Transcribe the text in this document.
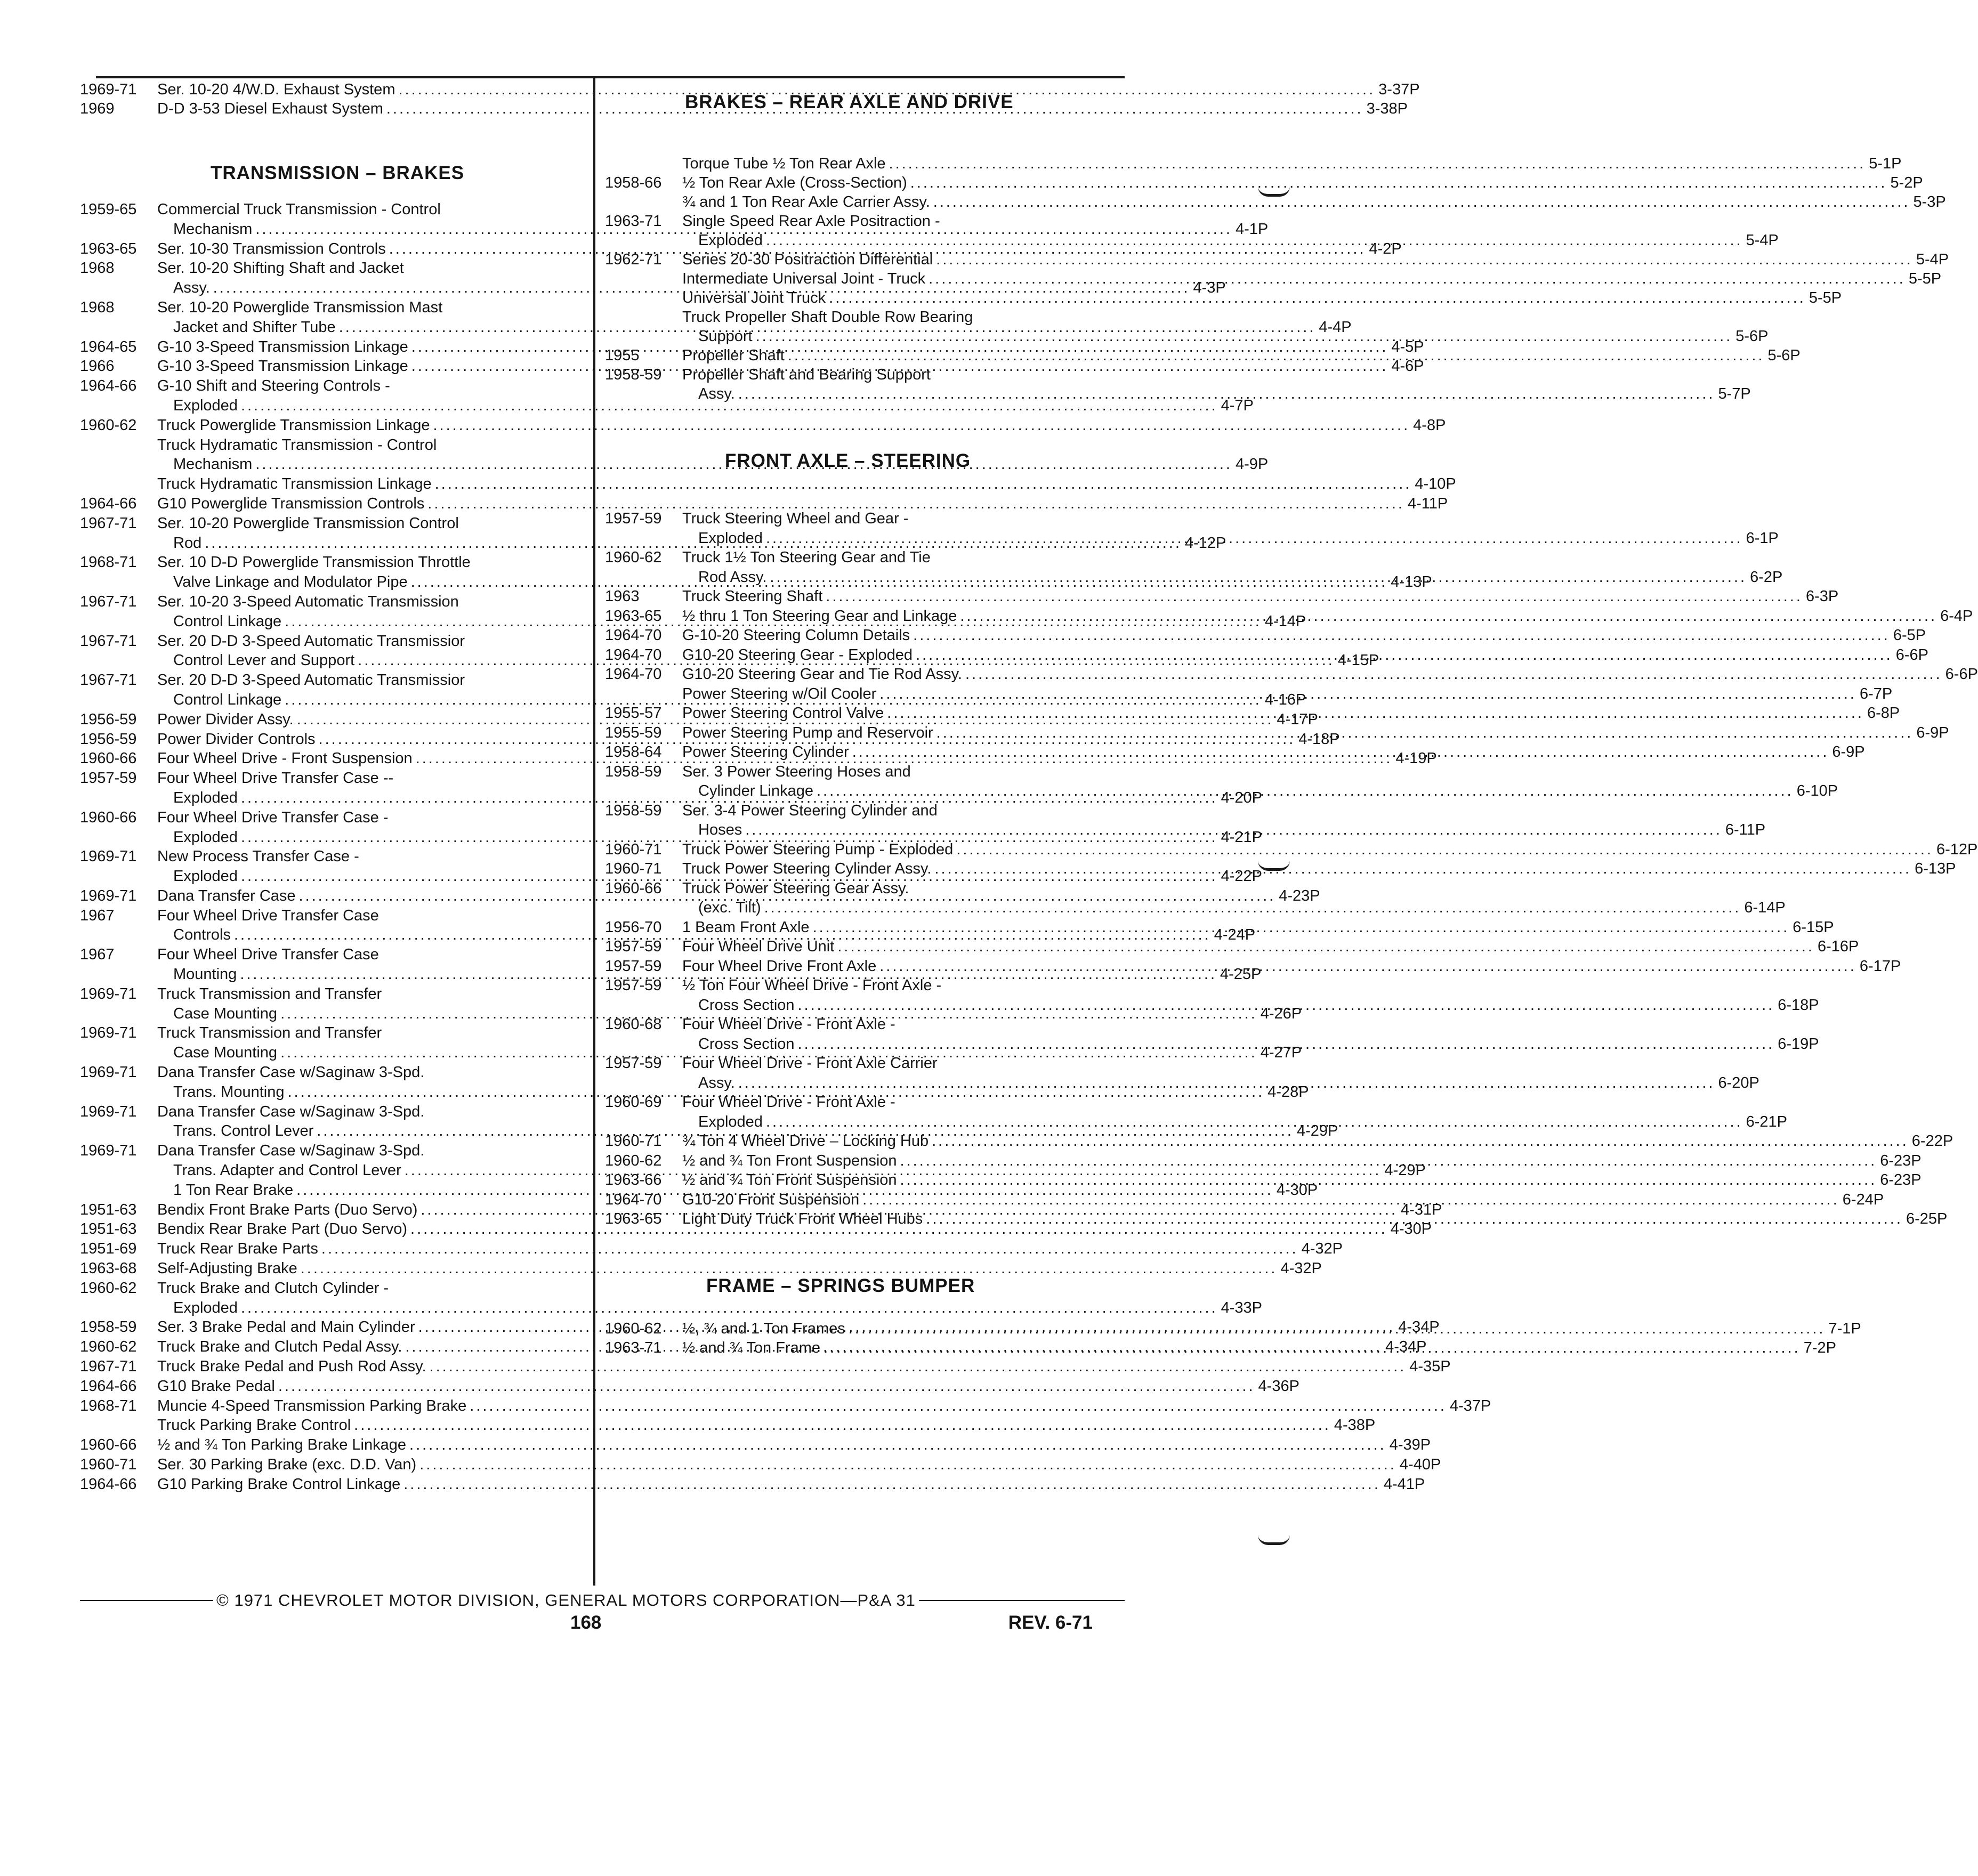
1969-71	Ser. 10-20 4/W.D. Exhaust System .....	3-37P
1969	D-D 3-53 Diesel Exhaust System .....	3-38P
TRANSMISSION – BRAKES
1959-65	Commercial Truck Transmission - Control
Mechanism .....	4-1P
1963-65	Ser. 10-30 Transmission Controls .....	4-2P
1968	Ser. 10-20 Shifting Shaft and Jacket
Assy. .....	4-3P
1968	Ser. 10-20 Powerglide Transmission Mast
Jacket and Shifter Tube .....	4-4P
1964-65	G-10 3-Speed Transmission Linkage .....	4-5P
1966	G-10 3-Speed Transmission Linkage .....	4-6P
1964-66	G-10 Shift and Steering Controls -
Exploded .....	4-7P
1960-62	Truck Powerglide Transmission Linkage .....	4-8P
Truck Hydramatic Transmission - Control
Mechanism .....	4-9P
Truck Hydramatic Transmission Linkage .....	4-10P
1964-66	G10 Powerglide Transmission Controls .....	4-11P
1967-71	Ser. 10-20 Powerglide Transmission Control
Rod .....	4-12P
1968-71	Ser. 10 D-D Powerglide Transmission Throttle
Valve Linkage and Modulator Pipe .....	4-13P
1967-71	Ser. 10-20 3-Speed Automatic Transmission
Control Linkage .....	4-14P
1967-71	Ser. 20 D-D 3-Speed Automatic Transmissior
Control Lever and Support .....	4-15P
1967-71	Ser. 20 D-D 3-Speed Automatic Transmissior
Control Linkage .....	4-16P
1956-59	Power Divider Assy. .....	4-17P
1956-59	Power Divider Controls .....	4-18P
1960-66	Four Wheel Drive - Front Suspension .....	4-19P
1957-59	Four Wheel Drive Transfer Case --
Exploded .....	4-20P
1960-66	Four Wheel Drive Transfer Case -
Exploded .....	4-21P
1969-71	New Process Transfer Case -
Exploded .....	4-22P
1969-71	Dana Transfer Case .....	4-23P
1967	Four Wheel Drive Transfer Case
Controls .....	4-24P
1967	Four Wheel Drive Transfer Case
Mounting .....	4-25P
1969-71	Truck Transmission and Transfer
Case Mounting .....	4-26P
1969-71	Truck Transmission and Transfer
Case Mounting .....	4-27P
1969-71	Dana Transfer Case w/Saginaw 3-Spd.
Trans. Mounting .....	4-28P
1969-71	Dana Transfer Case w/Saginaw 3-Spd.
Trans. Control Lever .....	4-29P
1969-71	Dana Transfer Case w/Saginaw 3-Spd.
Trans. Adapter and Control Lever .....	4-29P
1 Ton Rear Brake .....	4-30P
1951-63	Bendix Front Brake Parts (Duo Servo) .....	4-31P
1951-63	Bendix Rear Brake Part (Duo Servo) .....	4-30P
1951-69	Truck Rear Brake Parts .....	4-32P
1963-68	Self-Adjusting Brake .....	4-32P
1960-62	Truck Brake and Clutch Cylinder -
Exploded .....	4-33P
1958-59	Ser. 3 Brake Pedal and Main Cylinder .....	4-34P
1960-62	Truck Brake and Clutch Pedal Assy. .....	4-34P
1967-71	Truck Brake Pedal and Push Rod Assy. .....	4-35P
1964-66	G10 Brake Pedal .....	4-36P
1968-71	Muncie 4-Speed Transmission Parking Brake .....	4-37P
Truck Parking Brake Control .....	4-38P
1960-66	½ and ¾ Ton Parking Brake Linkage .....	4-39P
1960-71	Ser. 30 Parking Brake (exc. D.D. Van) .....	4-40P
1964-66	G10 Parking Brake Control Linkage .....	4-41P
BRAKES – REAR AXLE AND DRIVE
Torque Tube ½ Ton Rear Axle .....	5-1P
1958-66	½ Ton Rear Axle (Cross-Section) .....	5-2P
¾ and 1 Ton Rear Axle Carrier Assy. .....	5-3P
1963-71	Single Speed Rear Axle Positraction -
Exploded .....	5-4P
1962-71	Series 20-30 Positraction Differential .....	5-4P
Intermediate Universal Joint - Truck .....	5-5P
Universal Joint Truck .....	5-5P
Truck Propeller Shaft Double Row Bearing
Support .....	5-6P
1955	Propeller Shaft .....	5-6P
1958-59	Propeller Shaft and Bearing Support
Assy. .....	5-7P
FRONT AXLE – STEERING
1957-59	Truck Steering Wheel and Gear -
Exploded .....	6-1P
1960-62	Truck 1½ Ton Steering Gear and Tie
Rod Assy. .....	6-2P
1963	Truck Steering Shaft .....	6-3P
1963-65	½ thru 1 Ton Steering Gear and Linkage .....	6-4P
1964-70	G-10-20 Steering Column Details .....	6-5P
1964-70	G10-20 Steering Gear - Exploded .....	6-6P
1964-70	G10-20 Steering Gear and Tie Rod Assy. .....	6-6P
Power Steering w/Oil Cooler .....	6-7P
1955-57	Power Steering Control Valve .....	6-8P
1955-59	Power Steering Pump and Reservoir .....	6-9P
1958-64	Power Steering Cylinder .....	6-9P
1958-59	Ser. 3 Power Steering Hoses and
Cylinder Linkage .....	6-10P
1958-59	Ser. 3-4 Power Steering Cylinder and
Hoses .....	6-11P
1960-71	Truck Power Steering Pump - Exploded .....	6-12P
1960-71	Truck Power Steering Cylinder Assy. .....	6-13P
1960-66	Truck Power Steering Gear Assy.
(exc. Tilt) .....	6-14P
1956-70	1 Beam Front Axle .....	6-15P
1957-59	Four Wheel Drive Unit .....	6-16P
1957-59	Four Wheel Drive Front Axle .....	6-17P
1957-59	½ Ton Four Wheel Drive - Front Axle -
Cross Section .....	6-18P
1960-68	Four Wheel Drive - Front Axle -
Cross Section .....	6-19P
1957-59	Four Wheel Drive - Front Axle Carrier
Assy. .....	6-20P
1960-69	Four Wheel Drive - Front Axle -
Exploded .....	6-21P
1960-71	¾ Ton 4 Wheel Drive – Locking Hub .....	6-22P
1960-62	½ and ¾ Ton Front Suspension .....	6-23P
1963-66	½ and ¾ Ton Front Suspension .....	6-23P
1964-70	G10-20 Front Suspension .....	6-24P
1963-65	Light Duty Truck Front Wheel Hubs .....	6-25P
FRAME – SPRINGS BUMPER
1960-62	½, ¾ and 1 Ton Frames .....	7-1P
1963-71	½ and ¾ Ton Frame .....	7-2P
© 1971 CHEVROLET MOTOR DIVISION, GENERAL MOTORS CORPORATION—P&A 31
168	REV. 6-71
